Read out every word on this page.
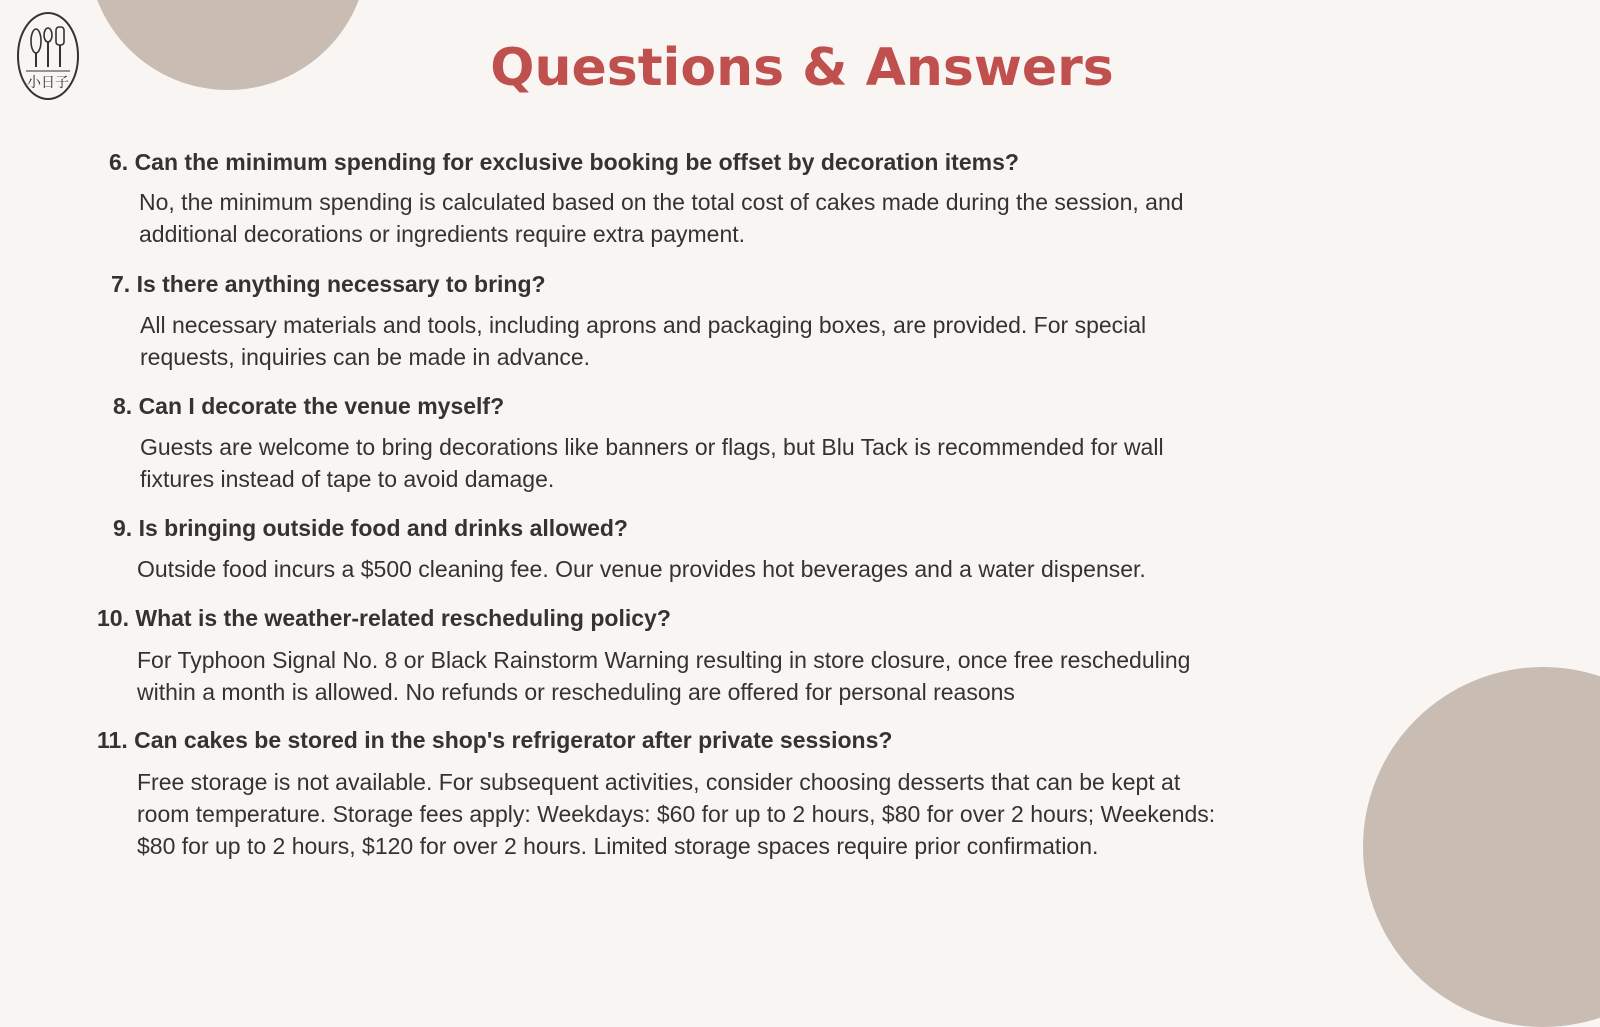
小日子	Questions & Answers
6. Can the minimum spending for exclusive booking be offset by decoration items?
No, the minimum spending is calculated based on the total cost of cakes made during the session, and
additional decorations or ingredients require extra payment.
7. Is there anything necessary to bring?
All necessary materials and tools, including aprons and packaging boxes, are provided. For special
requests, inquiries can be made in advance.
8. Can I decorate the venue myself?
Guests are welcome to bring decorations like banners or flags, but Blu Tack is recommended for wall
fixtures instead of tape to avoid damage.
9. Is bringing outside food and drinks allowed?
Outside food incurs a $500 cleaning fee. Our venue provides hot beverages and a water dispenser.
10. What is the weather-related rescheduling policy?
For Typhoon Signal No. 8 or Black Rainstorm Warning resulting in store closure, once free rescheduling
within a month is allowed. No refunds or rescheduling are offered for personal reasons
11. Can cakes be stored in the shop's refrigerator after private sessions?
Free storage is not available. For subsequent activities, consider choosing desserts that can be kept at
room temperature. Storage fees apply: Weekdays: $60 for up to 2 hours, $80 for over 2 hours; Weekends:
$80 for up to 2 hours, $120 for over 2 hours. Limited storage spaces require prior confirmation.
